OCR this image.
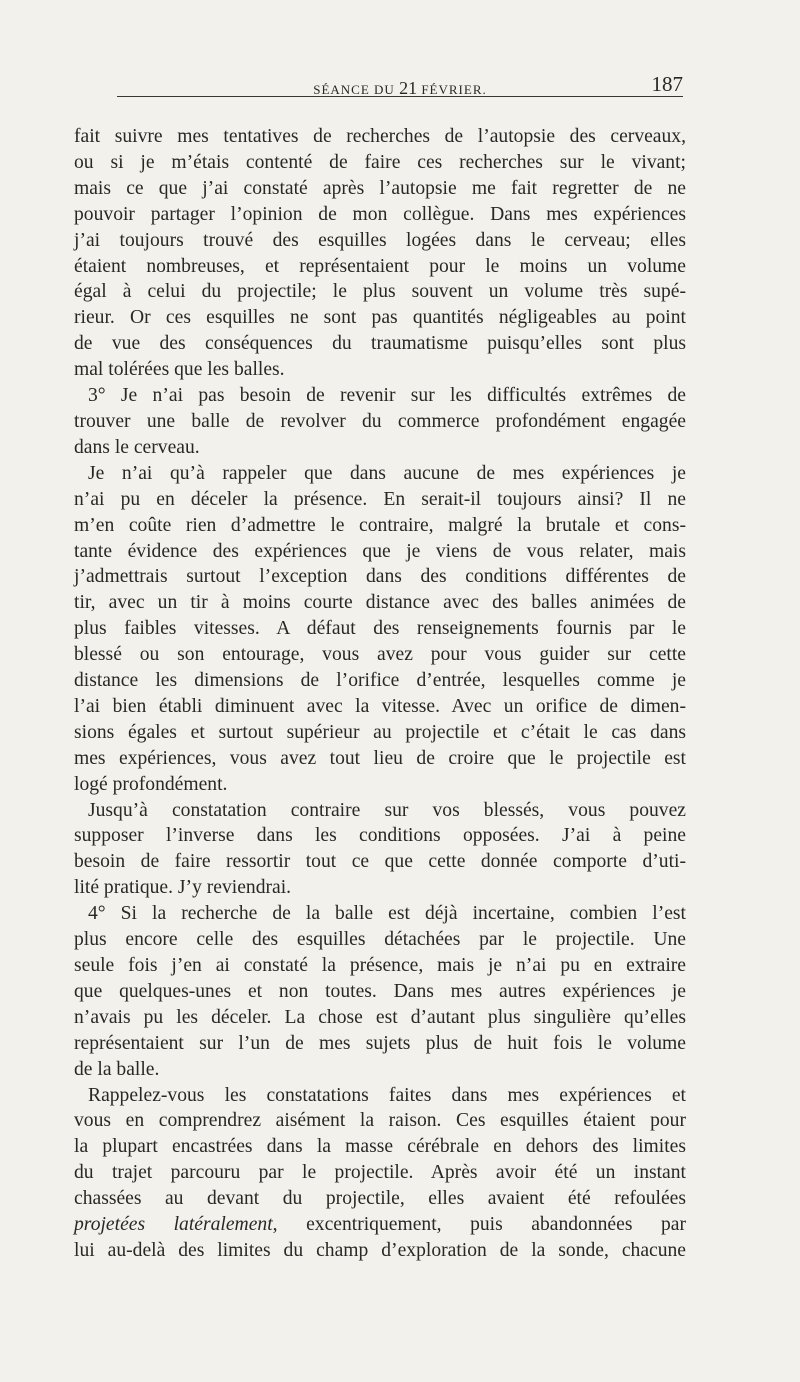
SÉANCE DU 21 FÉVRIER.	187

fait suivre mes tentatives de recherches de l’autopsie des cerveaux,

ou si je m’étais contenté de faire ces recherches sur le vivant;

mais ce que j’ai constaté après l’autopsie me fait regretter de ne

pouvoir partager l’opinion de mon collègue. Dans mes expériences

j’ai toujours trouvé des esquilles logées dans le cerveau; elles

étaient nombreuses, et représentaient pour le moins un volume

égal à celui du projectile; le plus souvent un volume très supé-

rieur. Or ces esquilles ne sont pas quantités négligeables au point

de vue des conséquences du traumatisme puisqu’elles sont plus

mal tolérées que les balles.

3° Je n’ai pas besoin de revenir sur les difficultés extrêmes de

trouver une balle de revolver du commerce profondément engagée

dans le cerveau.

Je n’ai qu’à rappeler que dans aucune de mes expériences je

n’ai pu en déceler la présence. En serait-il toujours ainsi? Il ne

m’en coûte rien d’admettre le contraire, malgré la brutale et cons-

tante évidence des expériences que je viens de vous relater, mais

j’admettrais surtout l’exception dans des conditions différentes de

tir, avec un tir à moins courte distance avec des balles animées de

plus faibles vitesses. A défaut des renseignements fournis par le

blessé ou son entourage, vous avez pour vous guider sur cette

distance les dimensions de l’orifice d’entrée, lesquelles comme je

l’ai bien établi diminuent avec la vitesse. Avec un orifice de dimen-

sions égales et surtout supérieur au projectile et c’était le cas dans

mes expériences, vous avez tout lieu de croire que le projectile est

logé profondément.

Jusqu’à constatation contraire sur vos blessés, vous pouvez

supposer l’inverse dans les conditions opposées. J’ai à peine

besoin de faire ressortir tout ce que cette donnée comporte d’uti-

lité pratique. J’y reviendrai.

4° Si la recherche de la balle est déjà incertaine, combien l’est

plus encore celle des esquilles détachées par le projectile. Une

seule fois j’en ai constaté la présence, mais je n’ai pu en extraire

que quelques-unes et non toutes. Dans mes autres expériences je

n’avais pu les déceler. La chose est d’autant plus singulière qu’elles

représentaient sur l’un de mes sujets plus de huit fois le volume

de la balle.

Rappelez-vous les constatations faites dans mes expériences et

vous en comprendrez aisément la raison. Ces esquilles étaient pour

la plupart encastrées dans la masse cérébrale en dehors des limites

du trajet parcouru par le projectile. Après avoir été un instant

chassées au devant du projectile, elles avaient été refoulées

projetées latéralement, excentriquement, puis abandonnées par

lui au-delà des limites du champ d’exploration de la sonde, chacune
